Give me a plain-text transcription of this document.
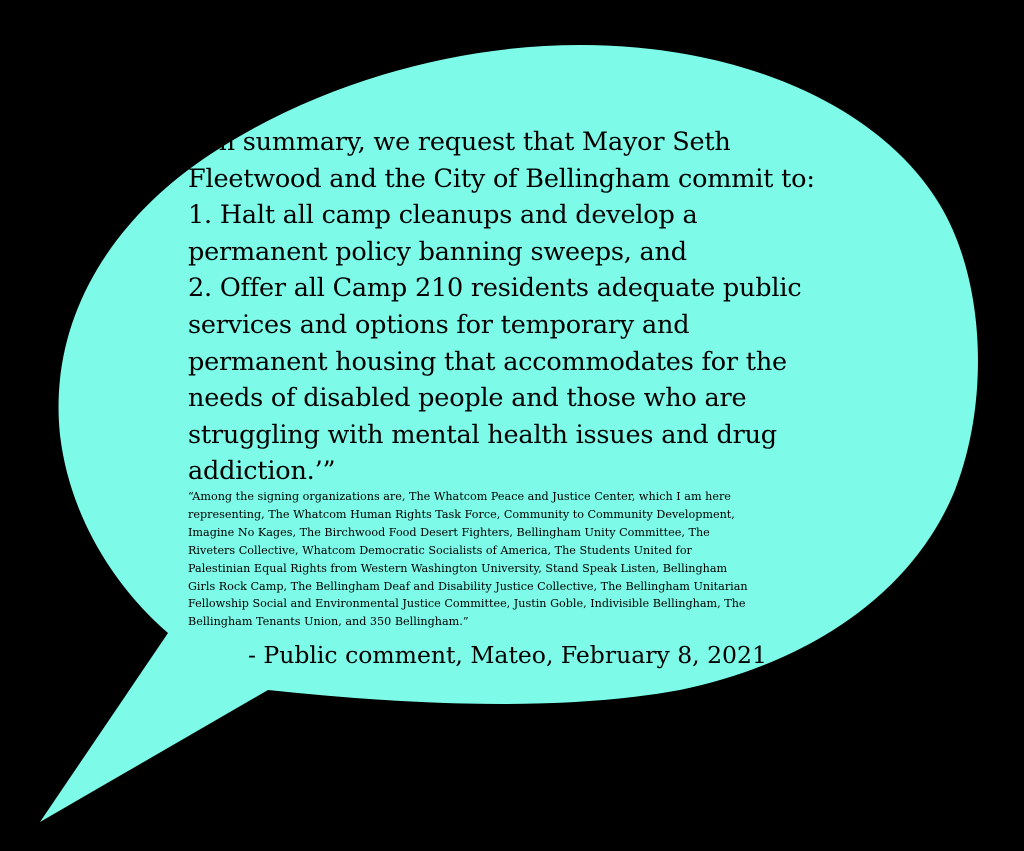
“‘In summary, we request that Mayor Seth
Fleetwood and the City of Bellingham commit to:
1. Halt all camp cleanups and develop a
permanent policy banning sweeps, and
2. Offer all Camp 210 residents adequate public
services and options for temporary and
permanent housing that accommodates for the
needs of disabled people and those who are
struggling with mental health issues and drug
addiction.’”

“Among the signing organizations are, The Whatcom Peace and Justice Center, which I am here
representing, The Whatcom Human Rights Task Force, Community to Community Development,
Imagine No Kages, The Birchwood Food Desert Fighters, Bellingham Unity Committee, The
Riveters Collective, Whatcom Democratic Socialists of America, The Students United for
Palestinian Equal Rights from Western Washington University, Stand Speak Listen, Bellingham
Girls Rock Camp, The Bellingham Deaf and Disability Justice Collective, The Bellingham Unitarian
Fellowship Social and Environmental Justice Committee, Justin Goble, Indivisible Bellingham, The
Bellingham Tenants Union, and 350 Bellingham.”

- Public comment, Mateo, February 8, 2021
